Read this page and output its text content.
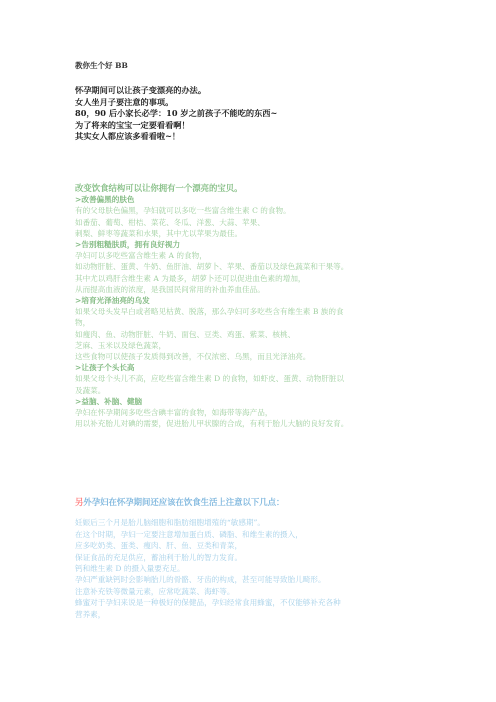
教你生个好 BB
怀孕期间可以让孩子变漂亮的办法。
女人坐月子要注意的事项。
80，90 后小家长必学：10 岁之前孩子不能吃的东西~
为了将来的宝宝一定要看看啊！
其实女人都应该多看看啦~！
改变饮食结构可以让你拥有一个漂亮的宝贝。
>改善偏黑的肤色
有的父母肤色偏黑，孕妇就可以多吃一些富含维生素 C 的食物。
如番茄、葡萄、柑桔、菜花、冬瓜、洋葱、大蒜、苹果、
刺梨、鲜枣等蔬菜和水果，其中尤以苹果为最佳。
>告别粗糙肤质，拥有良好视力
孕妇可以多吃些富含维生素 A 的食物，
如动物肝脏、蛋黄、牛奶、鱼肝油、胡萝卜、苹果、番茄以及绿色蔬菜和干果等。
其中尤以鸡肝含维生素 A 为最多，胡萝卜还可以促进血色素的增加，
从而提高血液的浓度，是我国民间常用的补血养血佳品。
>培育光泽油亮的乌发
如果父母头发早白或者略见枯黄、脱落，那么孕妇可多吃些含有维生素 B 族的食
物，
如瘦肉、鱼、动物肝脏、牛奶、面包、豆类、鸡蛋、紫菜、核桃、
芝麻、玉米以及绿色蔬菜，
这些食物可以使孩子发质得到改善，不仅浓密、乌黑，而且光泽油亮。
>让孩子个头长高
如果父母个头儿不高，应吃些富含维生素 D 的食物，如虾皮、蛋黄、动物肝脏以
及蔬菜。
>益脑、补脑、健脑
孕妇在怀孕期间多吃些含碘丰富的食物，如海带等海产品，
用以补充胎儿对碘的需要，促进胎儿甲状腺的合成，有利于胎儿大脑的良好发育。
另外孕妇在怀孕期间还应该在饮食生活上注意以下几点：
妊娠后三个月是胎儿脑细胞和脂肪细胞增殖的“敏感期”。
在这个时期，孕妇一定要注意增加蛋白质、磷脂、和维生素的摄入，
应多吃奶类、蛋类、瘦肉、肝、鱼、豆类和青菜，
保证食品的充足供应，蓄油利于胎儿的智力发育。
钙和维生素 D 的摄入量要充足。
孕妇严重缺钙时会影响胎儿的骨骼、牙齿的构成，甚至可能导致胎儿畸形。
注意补充铁等微量元素，应常吃蔬菜、海虾等。
蜂蜜对于孕妇来说是一种极好的保健品，孕妇经常食用蜂蜜，不仅能够补充各种
营养素，
